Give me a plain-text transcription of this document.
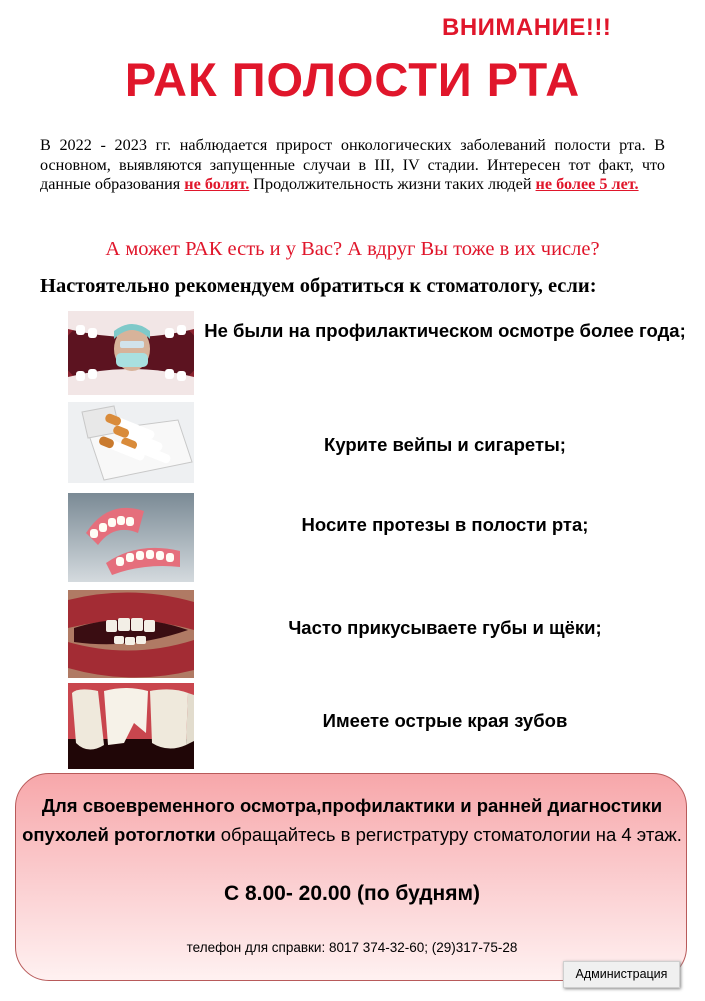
ВНИМАНИЕ!!!
РАК ПОЛОСТИ РТА
В 2022 - 2023 гг. наблюдается прирост онкологических заболеваний полости рта. В основном, выявляются запущенные случаи в III, IV стадии. Интересен тот факт, что данные образования не болят. Продолжительность жизни таких людей не более 5 лет.
А может РАК есть и у Вас? А вдруг Вы тоже в их числе?
Настоятельно рекомендуем обратиться к стоматологу, если:
Не были на профилактическом осмотре более года;
Курите вейпы и сигареты;
Носите протезы в полости рта;
Часто прикусываете губы и щёки;
Имеете острые края зубов
Для своевременного осмотра,профилактики и ранней диагностики опухолей ротоглотки обращайтесь в регистратуру стоматологии на 4 этаж.
С 8.00- 20.00 (по будням)
телефон для справки: 8017 374-32-60; (29)317-75-28
Администрация
